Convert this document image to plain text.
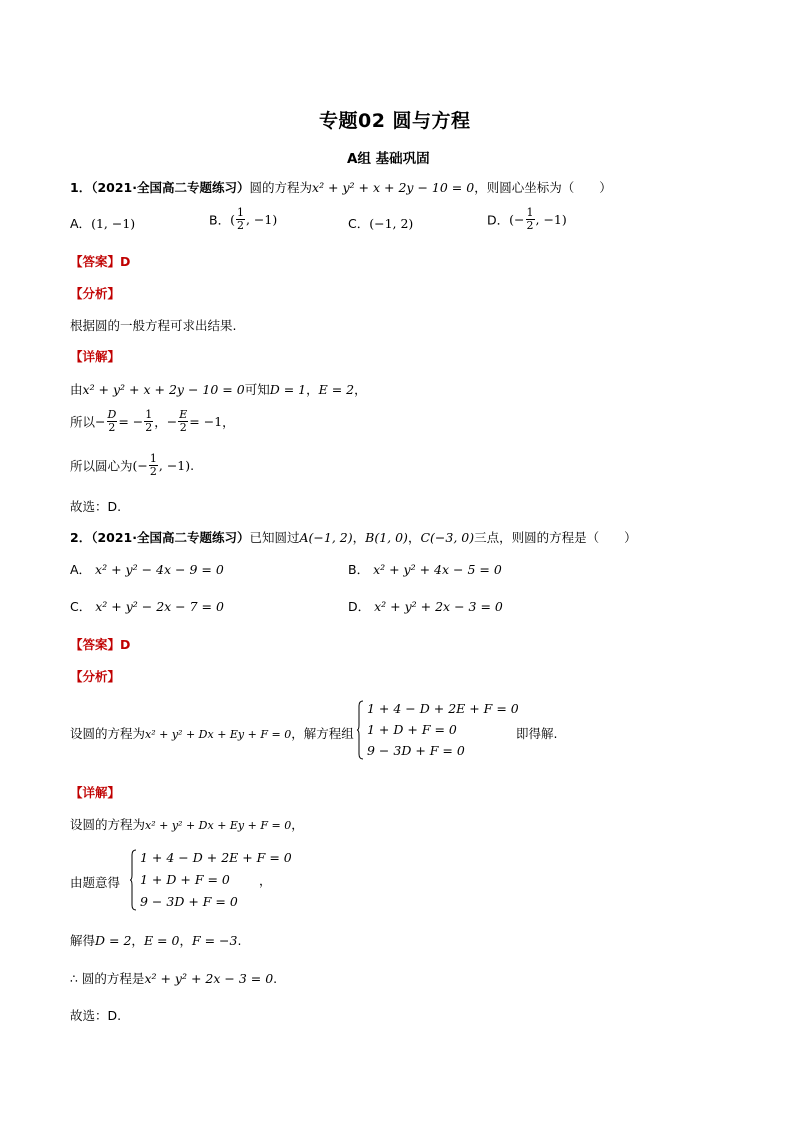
专题02 圆与方程
A组 基础巩固
1．（2021·全国高二专题练习）圆的方程为x² + y² + x + 2y − 10 = 0，则圆心坐标为（　　）
A．(1, −1)	B．( $\frac{1}{2}$ , −1)	C．(−1, 2)	D．(− $\frac{1}{2}$ , −1)
【答案】D
【分析】
根据圆的一般方程可求出结果.
【详解】
由x² + y² + x + 2y − 10 = 0可知D = 1，E = 2，
所以− $\frac{D}{2}$ = − $\frac{1}{2}$ ，− $\frac{E}{2} = -1$，
所以圆心为(− $\frac{1}{2}$ , −1).
故选：D.
2．（2021·全国高二专题练习）已知圆过A(−1, 2)，B(1, 0)，C(−3, 0)三点，则圆的方程是（　　）
A． x² + y² − 4x − 9 = 0	B． x² + y² + 4x − 5 = 0
C． x² + y² − 2x − 7 = 0	D． x² + y² + 2x − 3 = 0
【答案】D
【分析】
设圆的方程为x² + y² + Dx + Ey + F = 0，解方程组
1 + 4 − D + 2E + F = 0
1 + D + F = 0
9 − 3D + F = 0
即得解.
【详解】
设圆的方程为x² + y² + Dx + Ey + F = 0，
由题意得
1 + 4 − D + 2E + F = 0
1 + D + F = 0
9 − 3D + F = 0
，
解得D = 2，E = 0，F = −3.
∴ 圆的方程是x² + y² + 2x − 3 = 0.
故选：D.
